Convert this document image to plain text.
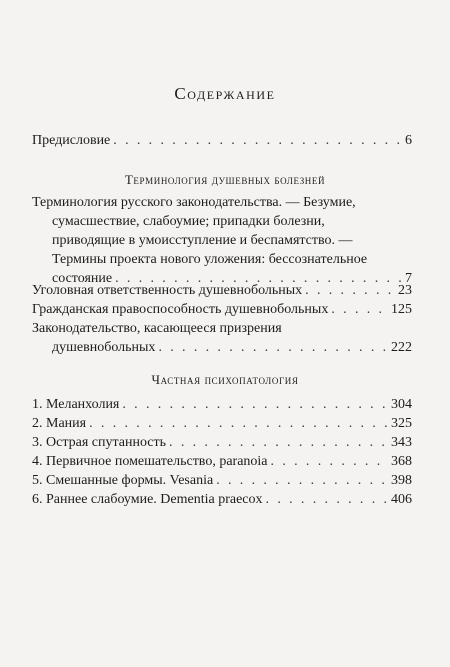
Содержание
Предисловие . . .	6
Терминология душевных болезней
Терминология русского законодательства. — Безумие,
сумасшествие, слабоумие; припадки болезни,
приводящие в умоисступление и беспамятство. —
Термины проекта нового уложения: бессознательное
состояние . . .	7
Уголовная ответственность душевнобольных . . .	23
Гражданская правоспособность душевнобольных . . .	125
Законодательство, касающееся призрения
душевнобольных . . .	222
Частная психопатология
1. Меланхолия . . .	304
2. Мания . . .	325
3. Острая спутанность . . .	343
4. Первичное помешательство, paranoia . . .	368
5. Смешанные формы. Vesania . . .	398
6. Раннее слабоумие. Dementia praecox . . .	406
